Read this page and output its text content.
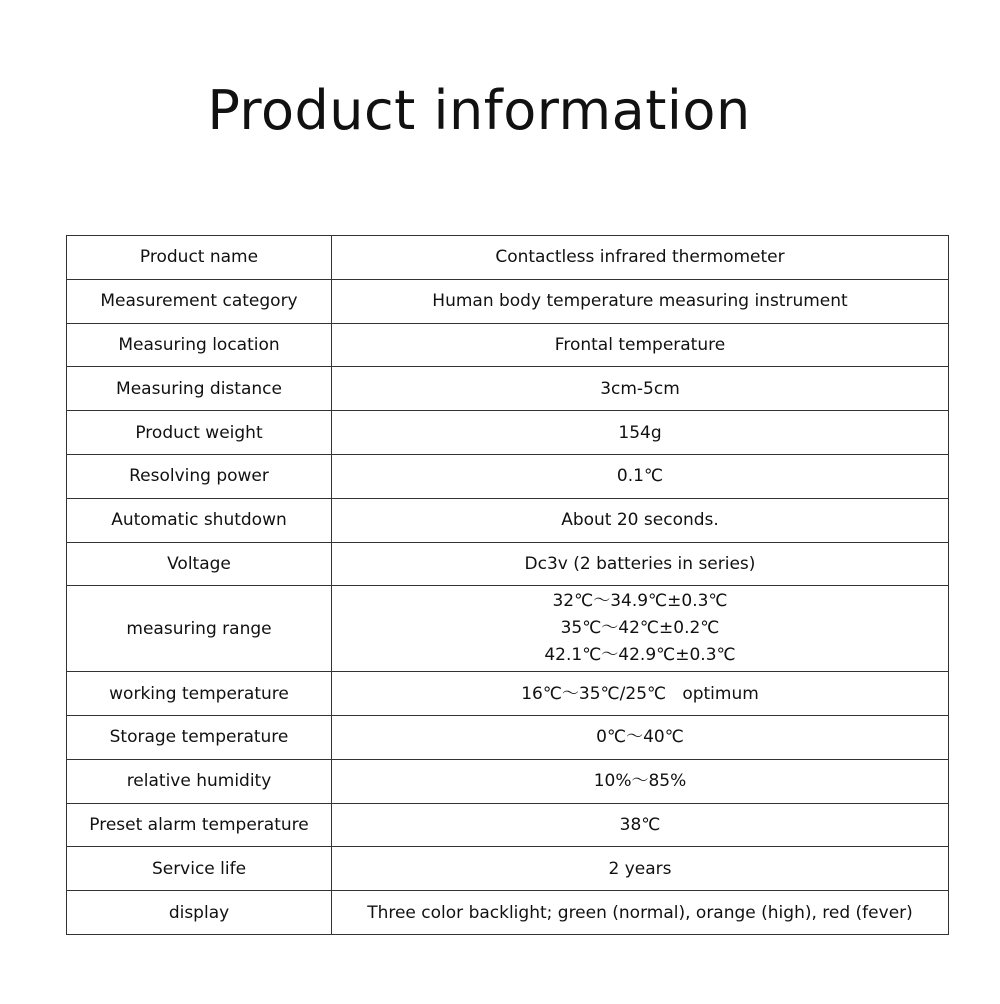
Product information
Product name	Contactless infrared thermometer
Measurement category	Human body temperature measuring instrument
Measuring location	Frontal temperature
Measuring distance	3cm-5cm
Product weight	154g
Resolving power	0.1℃
Automatic shutdown	About 20 seconds.
Voltage	Dc3v (2 batteries in series)
measuring range	32℃～34.9℃±0.3℃
35℃～42℃±0.2℃
42.1℃～42.9℃±0.3℃

working temperature	16℃～35℃/25℃   optimum
Storage temperature	0℃～40℃
relative humidity	10%～85%
Preset alarm temperature	38℃
Service life	2 years
display	Three color backlight; green (normal), orange (high), red (fever)
